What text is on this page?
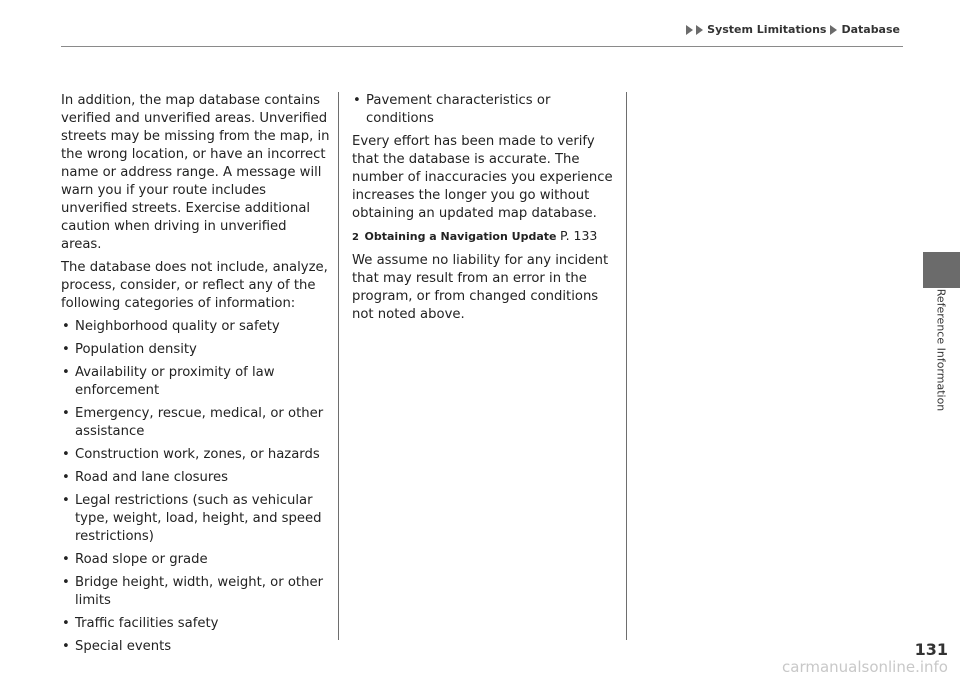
System Limitations Database

In addition, the map database contains verified and unverified areas. Unverified streets may be missing from the map, in the wrong location, or have an incorrect name or address range. A message will warn you if your route includes unverified streets. Exercise additional caution when driving in unverified areas.

The database does not include, analyze, process, consider, or reflect any of the following categories of information:

• Neighborhood quality or safety
• Population density
• Availability or proximity of law enforcement
• Emergency, rescue, medical, or other assistance
• Construction work, zones, or hazards
• Road and lane closures
• Legal restrictions (such as vehicular type, weight, load, height, and speed restrictions)
• Road slope or grade
• Bridge height, width, weight, or other limits
• Traffic facilities safety
• Special events
• Pavement characteristics or conditions

Every effort has been made to verify that the database is accurate. The number of inaccuracies you experience increases the longer you go without obtaining an updated map database.

2 Obtaining a Navigation Update P. 133

We assume no liability for any incident that may result from an error in the program, or from changed conditions not noted above.	Reference Information
131
carmanualsonline.info
